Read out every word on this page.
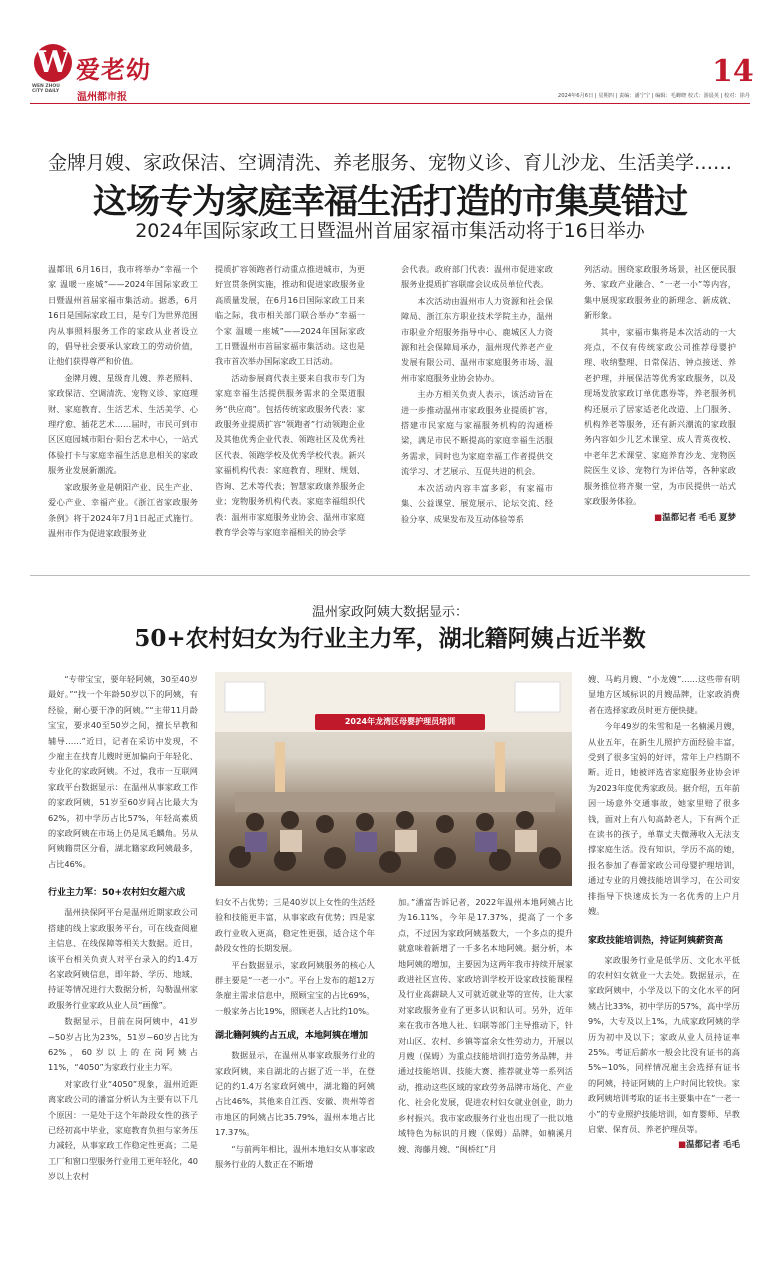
W
WEN ZHOU CITY DAILY
爱老幼
温州都市报
14
2024年6月6日 | 星期四 | 责编：潘宁宁 | 编辑：毛蝉晓 校式：游晨英 | 校对：徐丹
金牌月嫂、家政保洁、空调清洗、养老服务、宠物义诊、育儿沙龙、生活美学……
这场专为家庭幸福生活打造的市集莫错过
2024年国际家政工日暨温州首届家福市集活动将于16日举办

温都讯 6月16日，我市将举办“幸福一个家 温暖一座城”——2024年国际家政工日暨温州首届家福市集活动。据悉，6月16日是国际家政工日，是专门为世界范围内从事照料服务工作的家政从业者设立的，倡导社会要承认家政工的劳动价值，让他们获得尊严和价值。

金牌月嫂、星级育儿嫂、养老照料、家政保洁、空调清洗、宠物义诊、家庭理财、家庭教育、生活艺术、生活美学、心理疗愈、插花艺术……届时，市民可到市区区庭园城市阳台·阳台艺术中心，一站式体验打卡与家庭幸福生活息息相关的家政服务业发展新潮流。

家政服务业是朝阳产业、民生产业、爱心产业、幸福产业。《浙江省家政服务条例》将于2024年7月1日起正式施行。温州市作为促进家政服务业

提质扩容领跑者行动重点推进城市，为更好宣贯条例实施，推动和促进家政服务业高质量发展，在6月16日国际家政工日来临之际，我市相关部门联合举办“幸福一个家 温暖一座城”——2024年国际家政工日暨温州市首届家福市集活动。这也是我市首次举办国际家政工日活动。

活动参展商代表主要来自我市专门为家庭幸福生活提供服务需求的全渠道服务“供应商”。包括传统家政服务代表：家政服务业提质扩容“领跑者”行动领跑企业及其他优秀企业代表、领跑社区及优秀社区代表、领跑学校及优秀学校代表。新兴家福机构代表：家庭教育、理财、规划、咨询、艺术等代表；智慧家政康养服务企业；宠物服务机构代表。家庭幸福组织代表：温州市家庭服务业协会、温州市家庭教育学会等与家庭幸福相关的协会学

会代表。政府部门代表：温州市促进家政服务业提质扩容联席会议成员单位代表。

本次活动由温州市人力资源和社会保障局、浙江东方职业技术学院主办，温州市职业介绍服务指导中心、鹿城区人力资源和社会保障局承办，温州现代养老产业发展有限公司、温州市家庭服务市场、温州市家庭服务业协会协办。

主办方相关负责人表示，该活动旨在进一步推动温州市家政服务业提质扩容，搭建市民家庭与家福服务机构的沟通桥梁，满足市民不断提高的家庭幸福生活服务需求，同时也为家庭幸福工作者提供交流学习、才艺展示、互促共进的机会。

本次活动内容丰富多彩，有家福市集、公益课堂、展览展示、论坛交流、经验分享、成果发布及互动体验等系

列活动。围绕家政服务场景，社区便民服务、家政产业融合、“一老一小”等内容，集中展现家政服务业的新理念、新成就、新形象。

其中，家福市集将是本次活动的一大亮点，不仅有传统家政公司推荐母婴护理、收纳整理、日常保洁、钟点接送、养老护理，并展保洁等优秀家政服务，以及现场发放家政订单优惠券等，养老服务机构还展示了居家适老化改造、上门服务、机构养老等服务，还有新兴潮流的家政服务内容如少儿艺术课堂、成人青英夜校、中老年艺术课堂、家庭养育沙龙、宠物医院医生义诊、宠物行为评估等，各种家政服务推位将齐聚一堂，为市民提供一站式家政服务体验。

■温都记者 毛毛 夏梦
温州家政阿姨大数据显示：
50+农村妇女为行业主力军，湖北籍阿姨占近半数

“专带宝宝，要年轻阿姨，30至40岁最好。”“找一个年龄50岁以下的阿姨，有经验，耐心要干净的阿姨。”“主带11月龄宝宝，要求40至50岁之间，擅长早教和辅导……”近日，记者在采访中发现，不少雇主在找育儿嫂时更加偏向于年轻化、专业化的家政阿姨。不过，我市一互联网家政平台数据显示：在温州从事家政工作的家政阿姨，51岁至60岁间占比最大为62%，初中学历占比57%，年轻高素质的家政阿姨在市场上仍是凤毛麟角。另从阿姨籍贯区分看，湖北籍家政阿姨最多，占比46%。

行业主力军：50+农村妇女超六成

温州抉保阿平台是温州近期家政公司搭建的线上家政服务平台，可在线查阅雇主信息、在线保障等相关大数据。近日，该平台相关负责人对平台录入的约1.4万名家政阿姨信息，即年龄、学历、地域、持证等情况进行大数据分析，勾勒温州家政服务行业家政从业人员“画像”。

数据显示，目前在岗阿姨中，41岁~50岁占比为23%，51岁~60岁占比为62%，60岁以上的在岗阿姨占11%，“4050”为家政行业主力军。

对家政行业“4050”现象，温州近距离家政公司的潘富分析认为主要有以下几个原因：一是处于这个年龄段女性的孩子已经初高中毕业，家庭教育负担与家务压力减轻，从事家政工作稳定性更高；二是工厂和窗口型服务行业用工更年轻化，40岁以上农村

2024年龙湾区母婴护理员培训

妇女不占优势；三是40岁以上女性的生活经验和技能更丰富，从事家政有优势；四是家政行业收入更高，稳定性更强，适合这个年龄段女性的长期发展。

平台数据显示，家政阿姨服务的核心人群主要是“一老一小”。平台上发布的超12万条雇主需求信息中，照顾宝宝的占比69%，一般家务占比19%，照顾老人占比约10%。

湖北籍阿姨约占五成，本地阿姨在增加

数据显示，在温州从事家政服务行业的家政阿姨，来自湖北的占据了近一半，在登记的约1.4万名家政阿姨中，湖北籍的阿姨占比46%，其他来自江西、安徽、贵州等省市地区的阿姨占比35.79%，温州本地占比17.37%。

“与前两年相比，温州本地妇女从事家政服务行业的人数正在不断增

加。”潘富告诉记者，2022年温州本地阿姨占比为16.11%，今年是17.37%，提高了一个多点，不过因为家政阿姨基数大，一个多点的提升就意味着新增了一千多名本地阿姨。据分析，本地阿姨的增加，主要因为这两年我市持续开展家政进社区宣传、家政培训学校开设家政技能课程及行业高薪缺人又可就近就业等的宣传，让大家对家政服务业有了更多认识和认可。另外，近年来在我市各地人社、妇联等部门主导推动下，针对山区、农村、乡镇等富余女性劳动力，开展以月嫂（保姆）为重点技能培训打造劳务品牌，并通过技能培训、技能大赛、推荐就业等一系列活动，推动这些区域的家政劳务品牌市场化、产业化、社会化发展，促进农村妇女就业创业，助力乡村振兴。我市家政服务行业也出现了一批以地域特色为标识的月嫂（保姆）品牌，如楠溪月嫂、海藤月嫂、“闽桥红”月

嫂、马屿月嫂、“小龙嫂”……这些带有明显地方区域标识的月嫂品牌，让家政消费者在选择家政员时更方便快捷。

今年49岁的朱雪和是一名楠溪月嫂，从业五年，在新生儿照护方面经验丰富，受到了很多宝妈的好评，常年上户档期不断。近日，她被评选省家庭服务业协会评为2023年度优秀家政员。据介绍，五年前因一场意外交通事故，她家里赔了很多钱，面对上有八旬高龄老人，下有两个正在读书的孩子，单靠丈夫微薄收入无法支撑家庭生活。没有知识，学历不高的她，报名参加了春蕾家政公司母婴护理培训，通过专业的月嫂技能培训学习，在公司安排指导下快速成长为一名优秀的上户月嫂。

家政技能培训热，持证阿姨薪资高

家政服务行业是低学历、文化水平低的农村妇女就业一大去处。数据显示，在家政阿姨中，小学及以下的文化水平的阿姨占比33%，初中学历的57%，高中学历9%，大专及以上1%，九成家政阿姨的学历为初中及以下；家政从业人员持证率25%。考证后薪水一般会比没有证书的高5%~10%，同样情况雇主会选择有证书的阿姨，持证阿姨的上户时间比较快。家政阿姨培训考取的证书主要集中在“一老一小”的专业照护技能培训，如育婴师、早教启蒙、保育员、养老护理员等。

■温都记者 毛毛
